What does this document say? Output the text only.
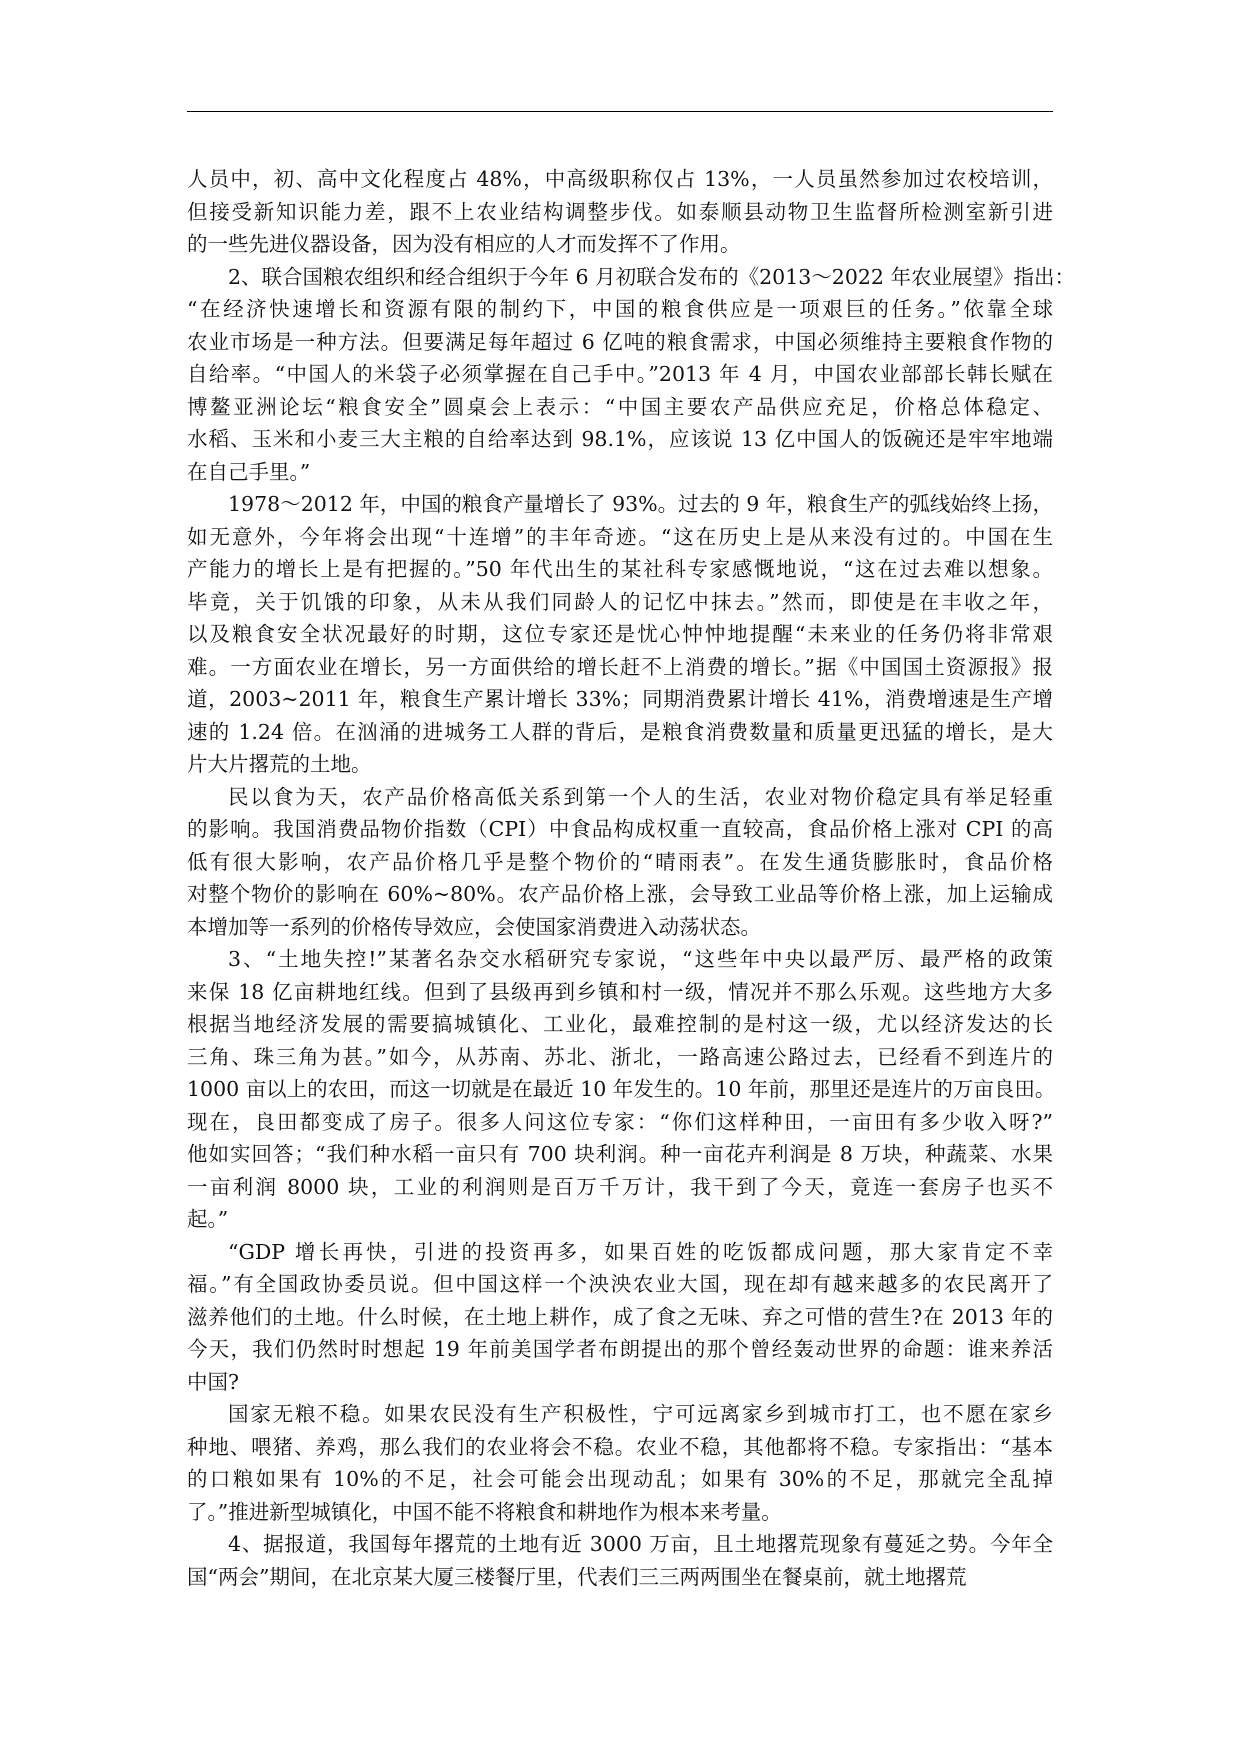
人员中，初、高中文化程度占 48%，中高级职称仅占 13%，一人员虽然参加过农校培训，
但接受新知识能力差，跟不上农业结构调整步伐。如泰顺县动物卫生监督所检测室新引进
的一些先进仪器设备，因为没有相应的人才而发挥不了作用。
2、联合国粮农组织和经合组织于今年 6 月初联合发布的《2013～2022 年农业展望》指出：
“在经济快速增长和资源有限的制约下，中国的粮食供应是一项艰巨的任务。”依靠全球
农业市场是一种方法。但要满足每年超过 6 亿吨的粮食需求，中国必须维持主要粮食作物的
自给率。“中国人的米袋子必须掌握在自己手中。”2013 年 4 月，中国农业部部长韩长赋在
博鳌亚洲论坛“粮食安全”圆桌会上表示：“中国主要农产品供应充足，价格总体稳定、
水稻、玉米和小麦三大主粮的自给率达到 98.1%，应该说 13 亿中国人的饭碗还是牢牢地端
在自己手里。”
1978～2012 年，中国的粮食产量增长了 93%。过去的 9 年，粮食生产的弧线始终上扬，
如无意外，今年将会出现“十连增”的丰年奇迹。“这在历史上是从来没有过的。中国在生
产能力的增长上是有把握的。”50 年代出生的某社科专家感慨地说，“这在过去难以想象。
毕竟，关于饥饿的印象，从未从我们同龄人的记忆中抹去。”然而，即使是在丰收之年，
以及粮食安全状况最好的时期，这位专家还是忧心忡忡地提醒“未来业的任务仍将非常艰
难。一方面农业在增长，另一方面供给的增长赶不上消费的增长。”据《中国国土资源报》报
道，2003~2011 年，粮食生产累计增长 33%；同期消费累计增长 41%，消费增速是生产增
速的 1.24 倍。在汹涌的进城务工人群的背后，是粮食消费数量和质量更迅猛的增长，是大
片大片撂荒的土地。
民以食为天，农产品价格高低关系到第一个人的生活，农业对物价稳定具有举足轻重
的影响。我国消费品物价指数（CPI）中食品构成权重一直较高，食品价格上涨对 CPI 的高
低有很大影响，农产品价格几乎是整个物价的“晴雨表”。在发生通货膨胀时，食品价格
对整个物价的影响在 60%~80%。农产品价格上涨，会导致工业品等价格上涨，加上运输成
本增加等一系列的价格传导效应，会使国家消费进入动荡状态。
3、“土地失控!”某著名杂交水稻研究专家说，“这些年中央以最严厉、最严格的政策
来保 18 亿亩耕地红线。但到了县级再到乡镇和村一级，情况并不那么乐观。这些地方大多
根据当地经济发展的需要搞城镇化、工业化，最难控制的是村这一级，尤以经济发达的长
三角、珠三角为甚。”如今，从苏南、苏北、浙北，一路高速公路过去，已经看不到连片的
1000 亩以上的农田，而这一切就是在最近 10 年发生的。10 年前，那里还是连片的万亩良田。
现在，良田都变成了房子。很多人问这位专家：“你们这样种田，一亩田有多少收入呀?”
他如实回答；“我们种水稻一亩只有 700 块利润。种一亩花卉利润是 8 万块，种蔬菜、水果
一亩利润 8000 块，工业的利润则是百万千万计，我干到了今天，竟连一套房子也买不
起。”
“GDP 增长再快，引进的投资再多，如果百姓的吃饭都成问题，那大家肯定不幸
福。”有全国政协委员说。但中国这样一个泱泱农业大国，现在却有越来越多的农民离开了
滋养他们的土地。什么时候，在土地上耕作，成了食之无味、弃之可惜的营生?在 2013 年的
今天，我们仍然时时想起 19 年前美国学者布朗提出的那个曾经轰动世界的命题：谁来养活
中国?
国家无粮不稳。如果农民没有生产积极性，宁可远离家乡到城市打工，也不愿在家乡
种地、喂猪、养鸡，那么我们的农业将会不稳。农业不稳，其他都将不稳。专家指出：“基本
的口粮如果有 10%的不足，社会可能会出现动乱；如果有 30%的不足，那就完全乱掉
了。”推进新型城镇化，中国不能不将粮食和耕地作为根本来考量。
4、据报道，我国每年撂荒的土地有近 3000 万亩，且土地撂荒现象有蔓延之势。今年全
国“两会”期间，在北京某大厦三楼餐厅里，代表们三三两两围坐在餐桌前，就土地撂荒
